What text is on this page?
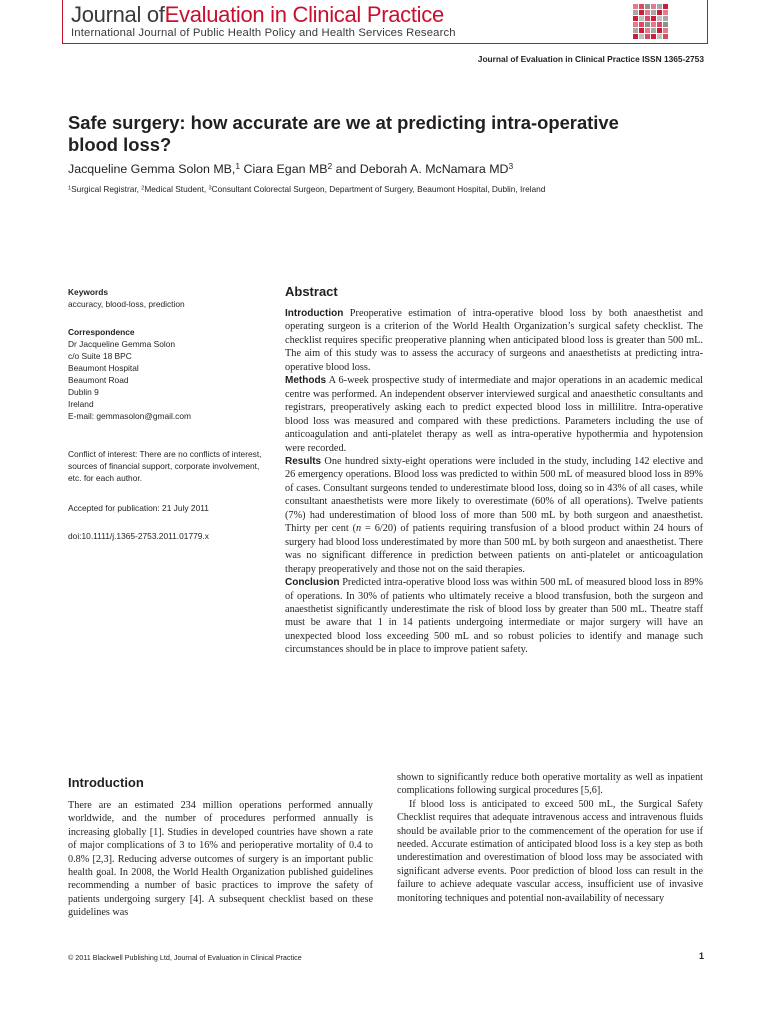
Journal ofEvaluation in Clinical Practice
International Journal of Public Health Policy and Health Services Research
Journal of Evaluation in Clinical Practice ISSN 1365-2753
Safe surgery: how accurate are we at predicting intra-operative blood loss?
Jacqueline Gemma Solon MB,$^1$ Ciara Egan $MB^2$ and Deborah A. McNamara $MD^3$
$^1$Surgical Registrar, $^2$Medical Student, $^3$Consultant Colorectal Surgeon, Department of Surgery, Beaumont Hospital, Dublin, Ireland
Keywords
accuracy, blood-loss, prediction
Correspondence
Dr Jacqueline Gemma Solon
c/o Suite 18 BPC
Beaumont Hospital
Beaumont Road
Dublin 9
Ireland
E-mail: gemmasolon@gmail.com
Conflict of interest: There are no conflicts of interest, sources of financial support, corporate involvement, etc. for each author.
Accepted for publication: 21 July 2011
doi:10.1111/j.1365-2753.2011.01779.x
Abstract

Introduction Preoperative estimation of intra-operative blood loss by both anaesthetist and operating surgeon is a criterion of the World Health Organization’s surgical safety checklist. The checklist requires specific preoperative planning when anticipated blood loss is greater than 500 mL. The aim of this study was to assess the accuracy of surgeons and anaesthetists at predicting intra-operative blood loss.

Methods A 6-week prospective study of intermediate and major operations in an academic medical centre was performed. An independent observer interviewed surgical and anaesthetic consultants and registrars, preoperatively asking each to predict expected blood loss in millilitre. Intra-operative blood loss was measured and compared with these predictions. Parameters including the use of anticoagulation and anti-platelet therapy as well as intra-operative hypothermia and hypotension were recorded.

Results One hundred sixty-eight operations were included in the study, including 142 elective and 26 emergency operations. Blood loss was predicted to within 500 mL of measured blood loss in 89% of cases. Consultant surgeons tended to underestimate blood loss, doing so in 43% of all cases, while consultant anaesthetists were more likely to overestimate (60% of all operations). Twelve patients (7%) had underestimation of blood loss of more than 500 mL by both surgeon and anaesthetist. Thirty per cent (n = 6/20) of patients requiring transfusion of a blood product within 24 hours of surgery had blood loss underestimated by more than 500 mL by both surgeon and anaesthetist. There was no significant difference in prediction between patients on anti-platelet or anticoagulation therapy preoperatively and those not on the said therapies.

Conclusion Predicted intra-operative blood loss was within 500 mL of measured blood loss in 89% of operations. In 30% of patients who ultimately receive a blood transfusion, both the surgeon and anaesthetist significantly underestimate the risk of blood loss by greater than 500 mL. Theatre staff must be aware that 1 in 14 patients undergoing intermediate or major surgery will have an unexpected blood loss exceeding 500 mL and so robust policies to identify and manage such circumstances should be in place to improve patient safety.

Introduction

There are an estimated 234 million operations performed annually worldwide, and the number of procedures performed annually is increasing globally [1]. Studies in developed countries have shown a rate of major complications of 3 to 16% and perioperative mortality of 0.4 to 0.8% [2,3]. Reducing adverse outcomes of surgery is an important public health goal. In 2008, the World Health Organization published guidelines recommending a number of basic practices to improve the safety of patients undergoing surgery [4]. A subsequent checklist based on these guidelines was

shown to significantly reduce both operative mortality as well as inpatient complications following surgical procedures [5,6].

If blood loss is anticipated to exceed 500 mL, the Surgical Safety Checklist requires that adequate intravenous access and intravenous fluids should be available prior to the commencement of the operation for use if needed. Accurate estimation of anticipated blood loss is a key step as both underestimation and overestimation of blood loss may be associated with significant adverse events. Poor prediction of blood loss can result in the failure to achieve adequate vascular access, insufficient use of invasive monitoring techniques and potential non-availability of necessary

© 2011 Blackwell Publishing Ltd, Journal of Evaluation in Clinical Practice	1
